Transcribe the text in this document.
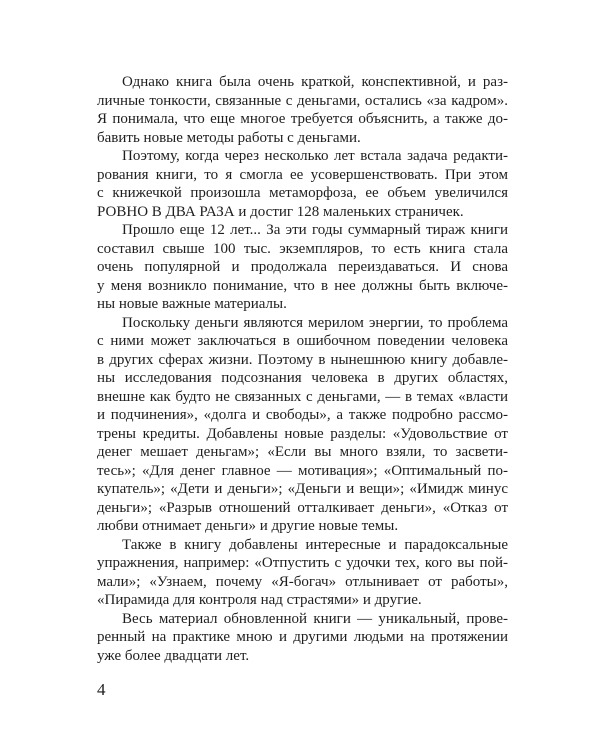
Однако книга была очень краткой, конспективной, и раз-
личные тонкости, связанные с деньгами, остались «за кадром».
Я понимала, что еще многое требуется объяснить, а также до-
бавить новые методы работы с деньгами.
Поэтому, когда через несколько лет встала задача редакти-
рования книги, то я смогла ее усовершенствовать. При этом
с книжечкой произошла метаморфоза, ее объем увеличился
РОВНО В ДВА РАЗА и достиг 128 маленьких страничек.
Прошло еще 12 лет... За эти годы суммарный тираж книги
составил свыше 100 тыс. экземпляров, то есть книга стала
очень популярной и продолжала переиздаваться. И снова
у меня возникло понимание, что в нее должны быть включе-
ны новые важные материалы.
Поскольку деньги являются мерилом энергии, то проблема
с ними может заключаться в ошибочном поведении человека
в других сферах жизни. Поэтому в нынешнюю книгу добавле-
ны исследования подсознания человека в других областях,
внешне как будто не связанных с деньгами, — в темах «власти
и подчинения», «долга и свободы», а также подробно рассмо-
трены кредиты. Добавлены новые разделы: «Удовольствие от
денег мешает деньгам»; «Если вы много взяли, то засвети-
тесь»; «Для денег главное — мотивация»; «Оптимальный по-
купатель»; «Дети и деньги»; «Деньги и вещи»; «Имидж минус
деньги»; «Разрыв отношений отталкивает деньги», «Отказ от
любви отнимает деньги» и другие новые темы.
Также в книгу добавлены интересные и парадоксальные
упражнения, например: «Отпустить с удочки тех, кого вы пой-
мали»; «Узнаем, почему «Я-богач» отлынивает от работы»,
«Пирамида для контроля над страстями» и другие.
Весь материал обновленной книги — уникальный, прове-
ренный на практике мною и другими людьми на протяжении
уже более двадцати лет.
4
